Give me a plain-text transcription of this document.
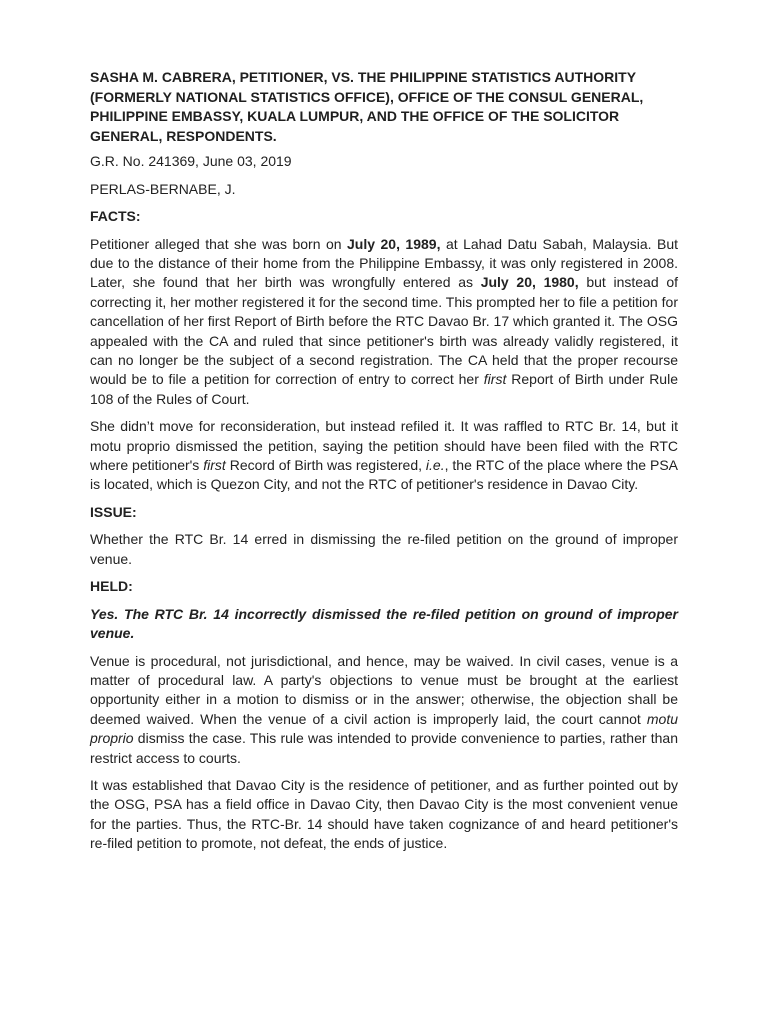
SASHA M. CABRERA, PETITIONER, VS. THE PHILIPPINE STATISTICS AUTHORITY (FORMERLY NATIONAL STATISTICS OFFICE), OFFICE OF THE CONSUL GENERAL, PHILIPPINE EMBASSY, KUALA LUMPUR, AND THE OFFICE OF THE SOLICITOR GENERAL, RESPONDENTS.

G.R. No. 241369, June 03, 2019

PERLAS-BERNABE, J.

FACTS:

Petitioner alleged that she was born on July 20, 1989, at Lahad Datu Sabah, Malaysia. But due to the distance of their home from the Philippine Embassy, it was only registered in 2008. Later, she found that her birth was wrongfully entered as July 20, 1980, but instead of correcting it, her mother registered it for the second time. This prompted her to file a petition for cancellation of her first Report of Birth before the RTC Davao Br. 17 which granted it. The OSG appealed with the CA and ruled that since petitioner's birth was already validly registered, it can no longer be the subject of a second registration. The CA held that the proper recourse would be to file a petition for correction of entry to correct her first Report of Birth under Rule 108 of the Rules of Court.

She didn’t move for reconsideration, but instead refiled it. It was raffled to RTC Br. 14, but it motu proprio dismissed the petition, saying the petition should have been filed with the RTC where petitioner's first Record of Birth was registered, i.e., the RTC of the place where the PSA is located, which is Quezon City, and not the RTC of petitioner's residence in Davao City.

ISSUE:

Whether the RTC Br. 14 erred in dismissing the re-filed petition on the ground of improper venue.

HELD:

Yes. The RTC Br. 14 incorrectly dismissed the re-filed petition on ground of improper venue.

Venue is procedural, not jurisdictional, and hence, may be waived. In civil cases, venue is a matter of procedural law. A party's objections to venue must be brought at the earliest opportunity either in a motion to dismiss or in the answer; otherwise, the objection shall be deemed waived. When the venue of a civil action is improperly laid, the court cannot motu proprio dismiss the case. This rule was intended to provide convenience to parties, rather than restrict access to courts.

It was established that Davao City is the residence of petitioner, and as further pointed out by the OSG, PSA has a field office in Davao City, then Davao City is the most convenient venue for the parties. Thus, the RTC-Br. 14 should have taken cognizance of and heard petitioner's re-filed petition to promote, not defeat, the ends of justice.
